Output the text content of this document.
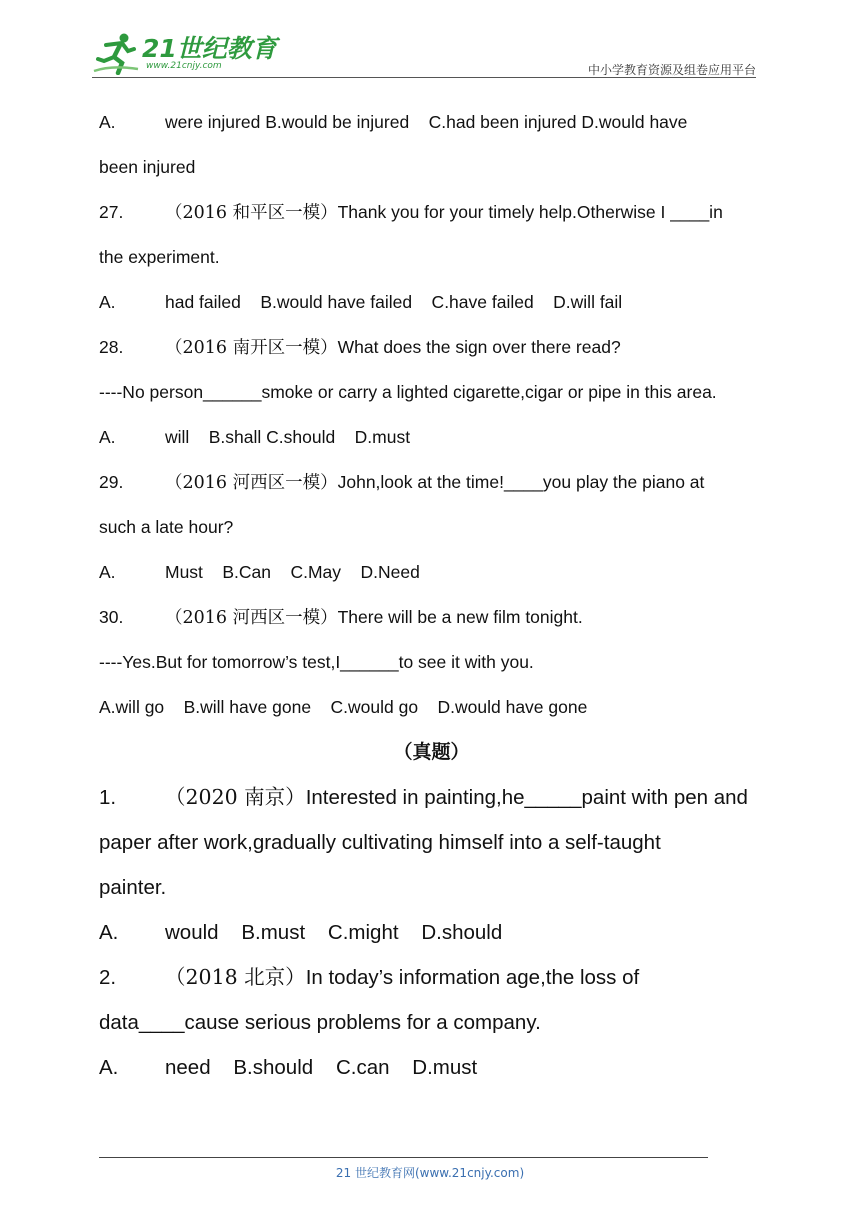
21世纪教育
www.21cnjy.com	中小学教育资源及组卷应用平台
A.	were injured B.would be injured    C.had been injured D.would have
been injured
27. （2016 和平区一模）Thank you for your timely help.Otherwise I ____in
the experiment.
A.	had failed    B.would have failed    C.have failed    D.will fail
28. （2016 南开区一模）What does the sign over there read?
----No person______smoke or carry a lighted cigarette,cigar or pipe in this area.
A.	will    B.shall C.should    D.must
29. （2016 河西区一模）John,look at the time!____you play the piano at
such a late hour?
A.	Must    B.Can    C.May    D.Need
30. （2016 河西区一模）There will be a new film tonight.
----Yes.But for tomorrow’s test,I______to see it with you.
A.will go    B.will have gone    C.would go    D.would have gone
（真题）
1. （2020 南京）Interested in painting,he_____paint with pen and
paper after work,gradually cultivating himself into a self-taught
painter.
A. would    B.must    C.might    D.should
2. （2018 北京）In today’s information age,the loss of
data____cause serious problems for a company.
A. need    B.should    C.can    D.must
21 世纪教育网(www.21cnjy.com)
